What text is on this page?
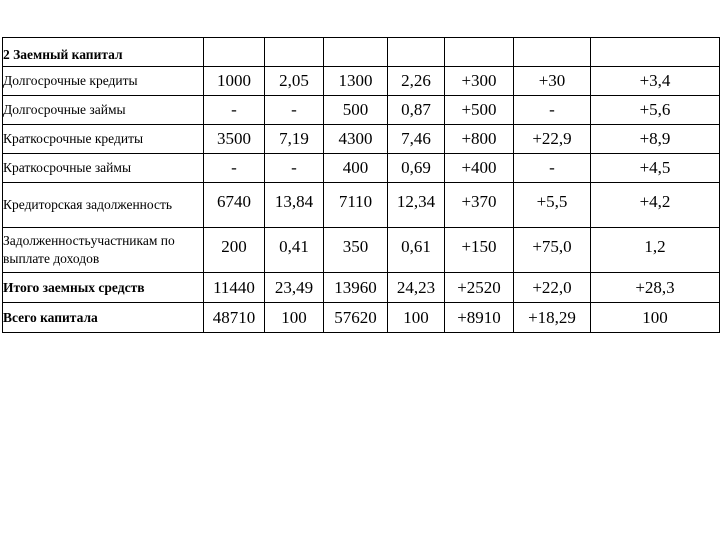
2 Заемный капитал							
Долгосрочные кредиты	1000	2,05	1300	2,26	+300	+30	+3,4
Долгосрочные займы	-	-	500	0,87	+500	-	+5,6
Краткосрочные кредиты	3500	7,19	4300	7,46	+800	+22,9	+8,9
Краткосрочные займы	-	-	400	0,69	+400	-	+4,5
Кредиторская задолженность	6740	13,84	7110	12,34	+370	+5,5	+4,2
Задолженностьучастникам по выплате доходов	200	0,41	350	0,61	+150	+75,0	1,2
Итого заемных средств	11440	23,49	13960	24,23	+2520	+22,0	+28,3
Всего капитала	48710	100	57620	100	+8910	+18,29	100
